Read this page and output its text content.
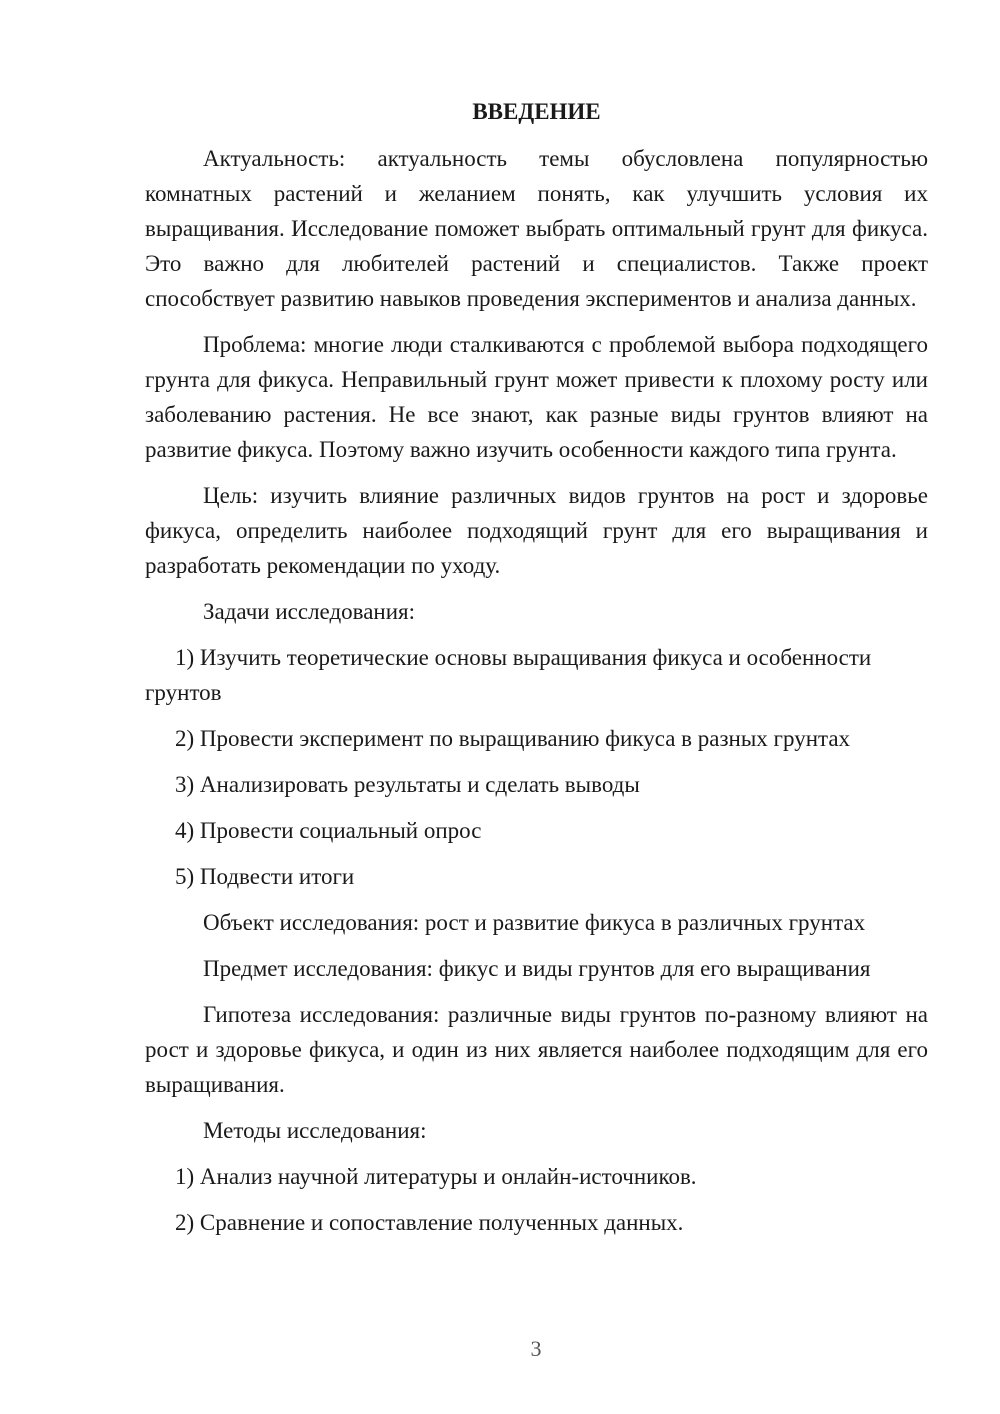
ВВЕДЕНИЕ

Актуальность: актуальность темы обусловлена популярностью комнатных растений и желанием понять, как улучшить условия их выращивания. Исследование поможет выбрать оптимальный грунт для фикуса. Это важно для любителей растений и специалистов. Также проект способствует развитию навыков проведения экспериментов и анализа данных.

Проблема: многие люди сталкиваются с проблемой выбора подходящего грунта для фикуса. Неправильный грунт может привести к плохому росту или заболеванию растения. Не все знают, как разные виды грунтов влияют на развитие фикуса. Поэтому важно изучить особенности каждого типа грунта.

Цель: изучить влияние различных видов грунтов на рост и здоровье фикуса, определить наиболее подходящий грунт для его выращивания и разработать рекомендации по уходу.

Задачи исследования:

1) Изучить теоретические основы выращивания фикуса и особенности грунтов

2) Провести эксперимент по выращиванию фикуса в разных грунтах

3) Анализировать результаты и сделать выводы

4) Провести социальный опрос

5) Подвести итоги

Объект исследования: рост и развитие фикуса в различных грунтах

Предмет исследования: фикус и виды грунтов для его выращивания

Гипотеза исследования: различные виды грунтов по-разному влияют на рост и здоровье фикуса, и один из них является наиболее подходящим для его выращивания.

Методы исследования:

1) Анализ научной литературы и онлайн-источников.

2) Сравнение и сопоставление полученных данных.

3
